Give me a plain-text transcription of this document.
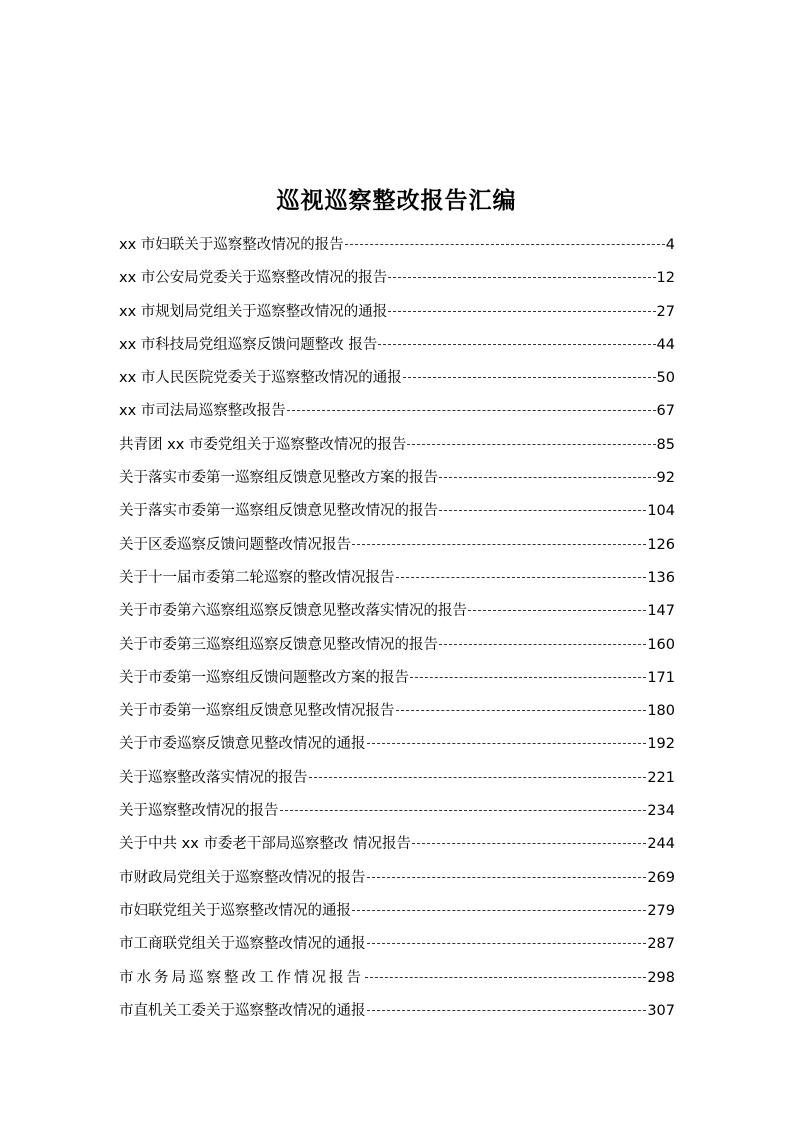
巡视巡察整改报告汇编
xx 市妇联关于巡察整改情况的报告	4
xx 市公安局党委关于巡察整改情况的报告	12
xx 市规划局党组关于巡察整改情况的通报	27
xx 市科技局党组巡察反馈问题整改 报告	44
xx 市人民医院党委关于巡察整改情况的通报	50
xx 市司法局巡察整改报告	67
共青团 xx 市委党组关于巡察整改情况的报告	85
关于落实市委第一巡察组反馈意见整改方案的报告	92
关于落实市委第一巡察组反馈意见整改情况的报告	104
关于区委巡察反馈问题整改情况报告	126
关于十一届市委第二轮巡察的整改情况报告	136
关于市委第六巡察组巡察反馈意见整改落实情况的报告	147
关于市委第三巡察组巡察反馈意见整改情况的报告	160
关于市委第一巡察组反馈问题整改方案的报告	171
关于市委第一巡察组反馈意见整改情况报告	180
关于市委巡察反馈意见整改情况的通报	192
关于巡察整改落实情况的报告	221
关于巡察整改情况的报告	234
关于中共 xx 市委老干部局巡察整改 情况报告	244
市财政局党组关于巡察整改情况的报告	269
市妇联党组关于巡察整改情况的通报	279
市工商联党组关于巡察整改情况的通报	287
市水务局巡察整改工作情况报告	298
市直机关工委关于巡察整改情况的通报	307
